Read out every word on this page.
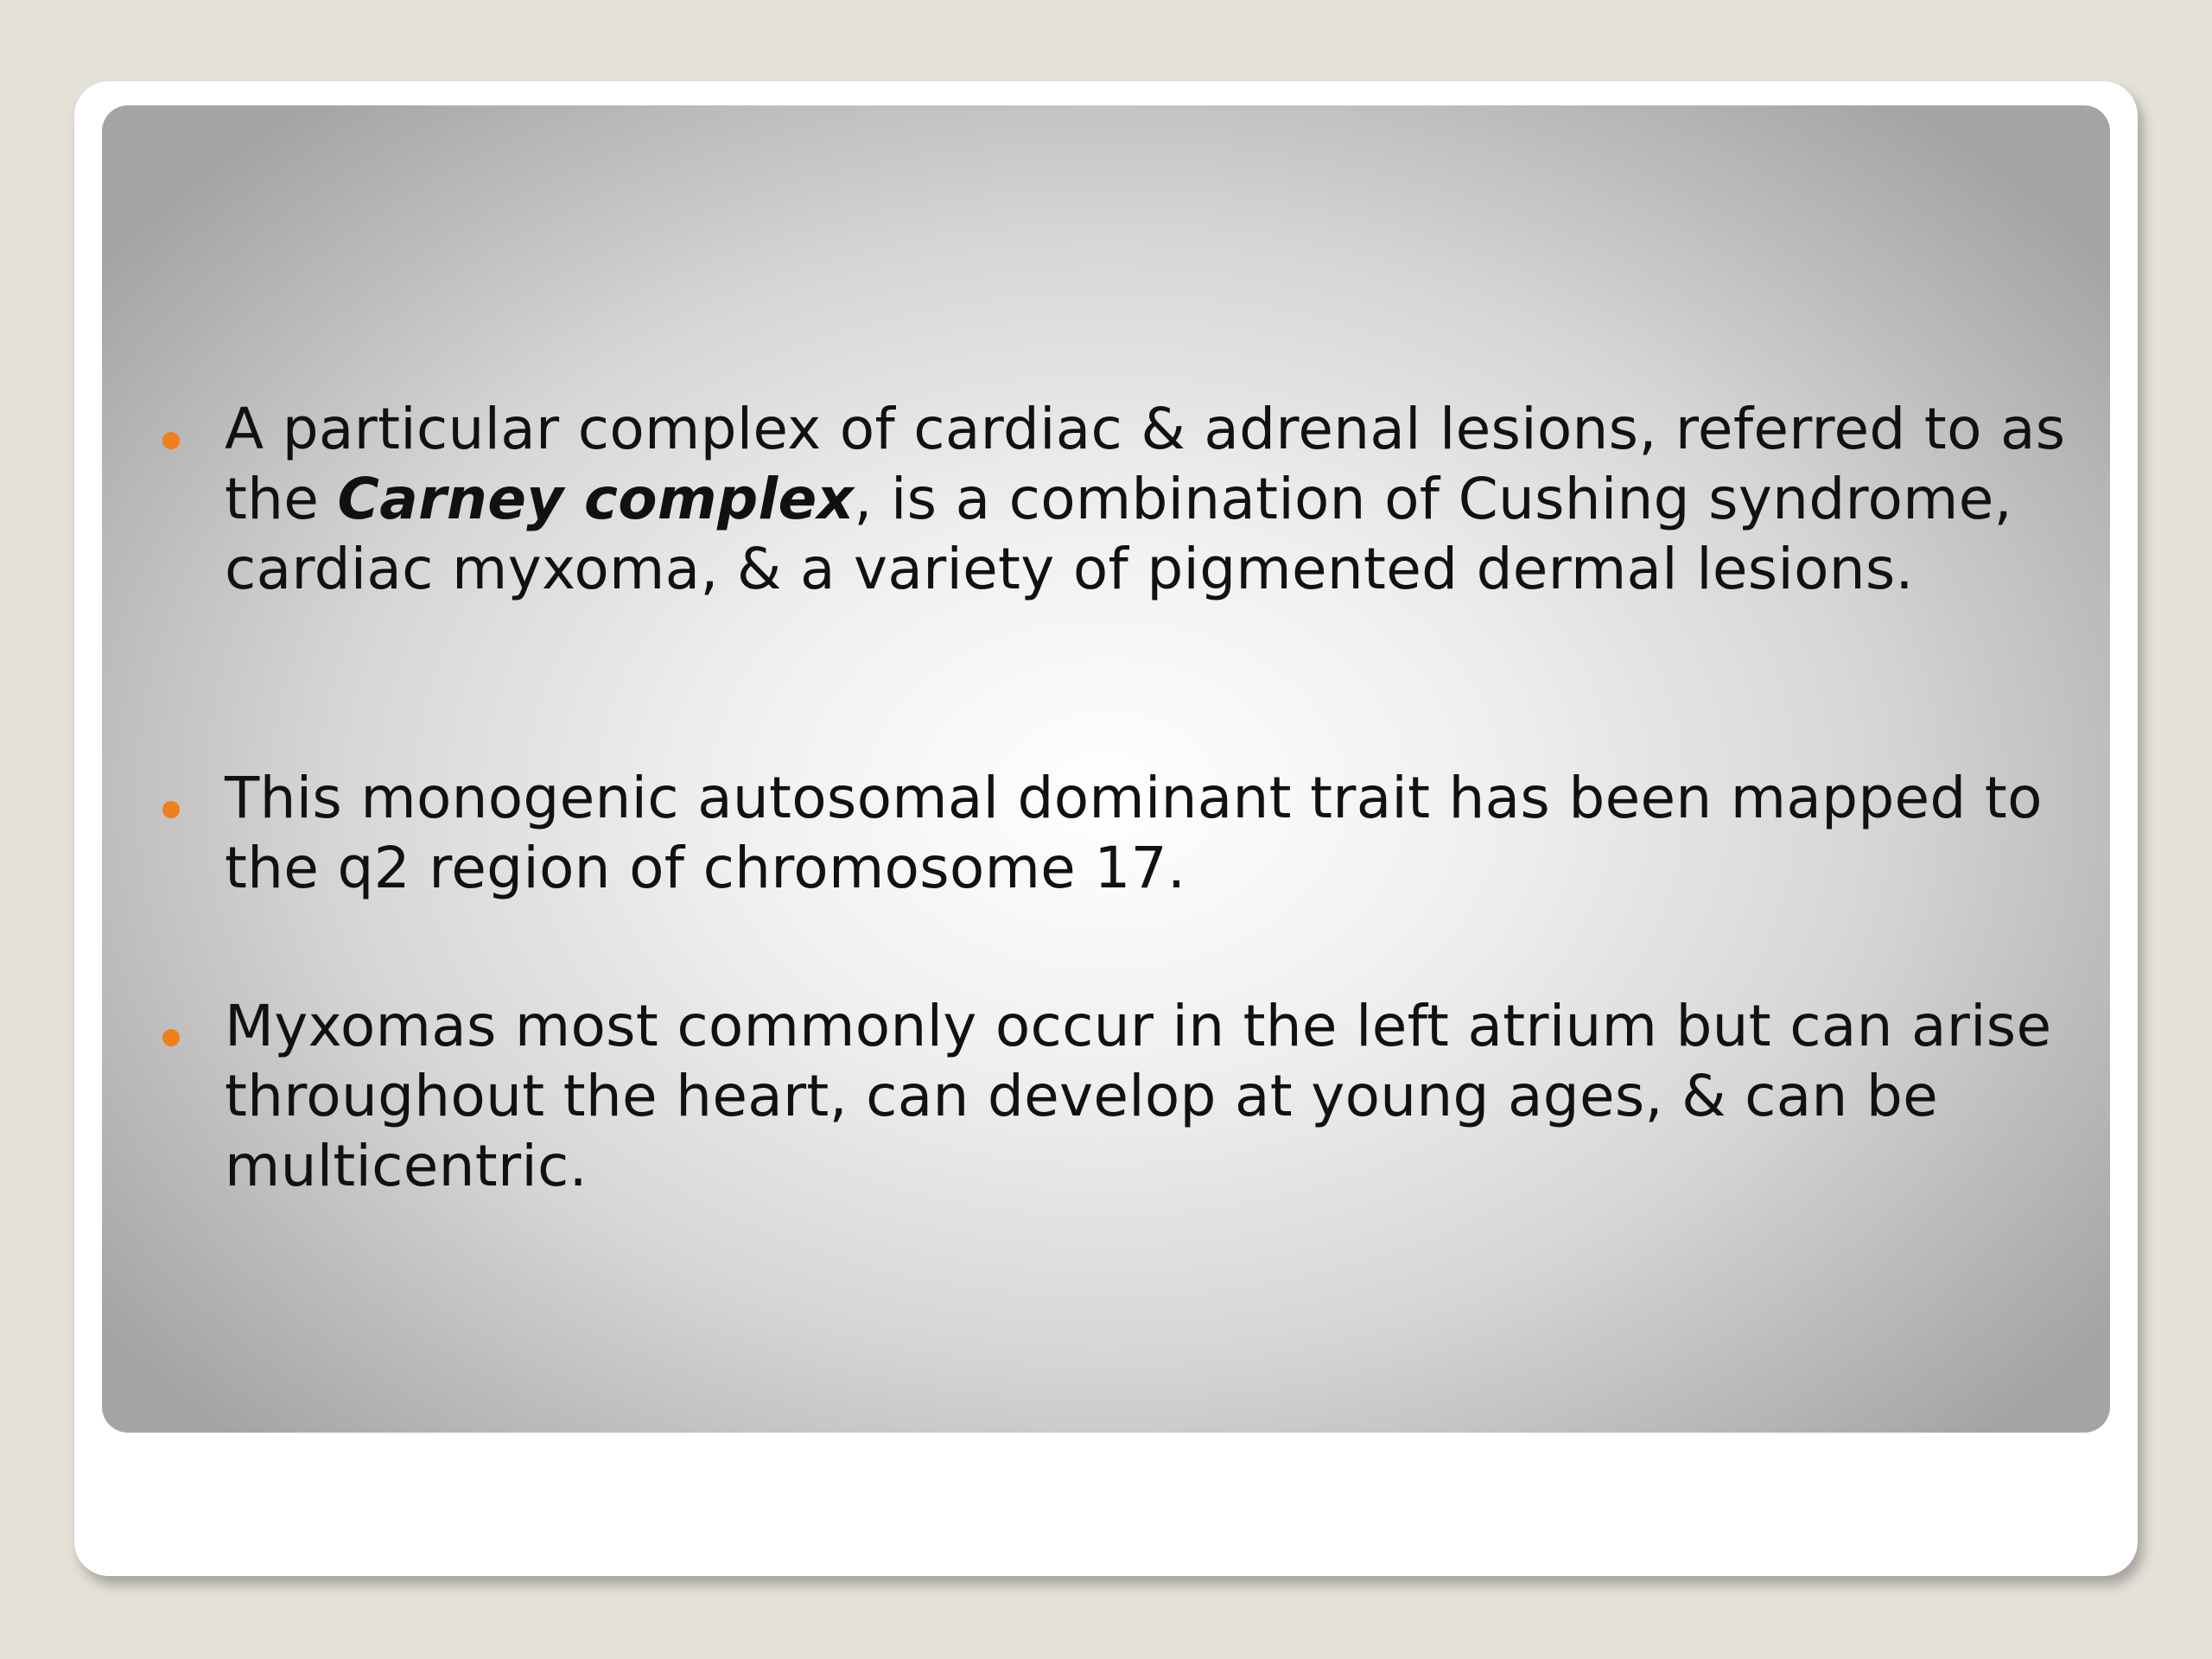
A particular complex of cardiac & adrenal lesions, referred to as the Carney complex, is a combination of Cushing syndrome, cardiac myxoma, & a variety of pigmented dermal lesions.
This monogenic autosomal dominant trait has been mapped to the q2 region of chromosome 17.
Myxomas most commonly occur in the left atrium but can arise throughout the heart, can develop at young ages, & can be multicentric.
